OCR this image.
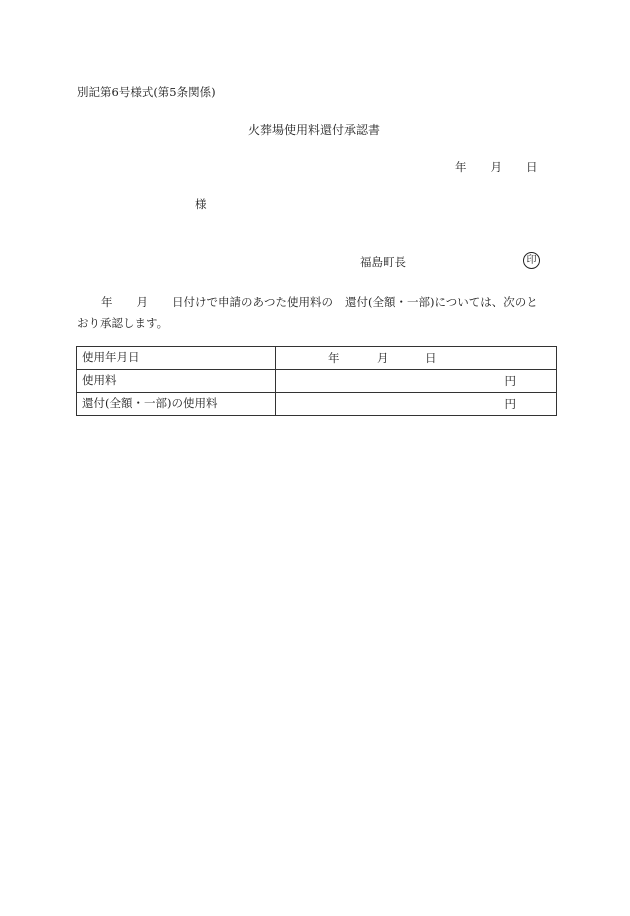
別記第6号様式(第5条関係)
火葬場使用料還付承認書
年 月 日
様
福島町長	印
年 月 日付けで申請のあつた使用料の 還付(全額・一部)については、次のと
おり承認します。
使用年月日	年 月 日

使用料	円

還付(全額・一部)の使用料	円
